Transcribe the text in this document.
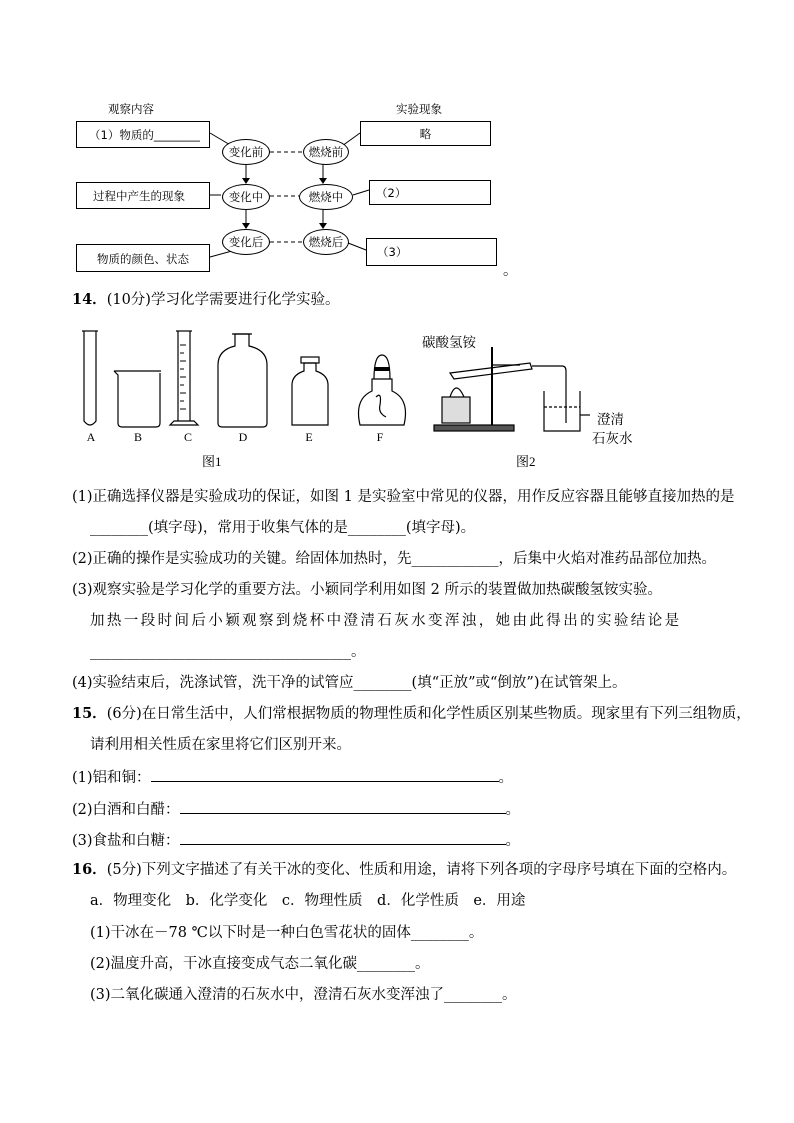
观察内容	实验现象
（1）物质的________
过程中产生的现象
物质的颜色、状态
变化前
变化中
变化后
燃烧前
燃烧中
燃烧后
略
（2）
（3）
。
14．(10分)学习化学需要进行化学实验。
A	B	C	D	E	F
图1
碳酸氢铵
澄清
石灰水
图2
(1)正确选择仪器是实验成功的保证，如图 1 是实验室中常见的仪器，用作反应容器且能够直接加热的是
________(填字母)，常用于收集气体的是________(填字母)。
(2)正确的操作是实验成功的关键。给固体加热时，先____________，后集中火焰对准药品部位加热。
(3)观察实验是学习化学的重要方法。小颖同学利用如图 2 所示的装置做加热碳酸氢铵实验。
加热一段时间后小颖观察到烧杯中澄清石灰水变浑浊，她由此得出的实验结论是
____________________________________。
(4)实验结束后，洗涤试管，洗干净的试管应________(填“正放”或“倒放”)在试管架上。
15．(6分)在日常生活中，人们常根据物质的物理性质和化学性质区别某些物质。现家里有下列三组物质，
请利用相关性质在家里将它们区别开来。
(1)铝和铜：	。
(2)白酒和白醋：	。
(3)食盐和白糖：	。
16．(5分)下列文字描述了有关干冰的变化、性质和用途，请将下列各项的字母序号填在下面的空格内。
a．物理变化　b．化学变化　c．物理性质　d．化学性质　e．用途
(1)干冰在－78 ℃以下时是一种白色雪花状的固体________。
(2)温度升高，干冰直接变成气态二氧化碳________。
(3)二氧化碳通入澄清的石灰水中，澄清石灰水变浑浊了________。
